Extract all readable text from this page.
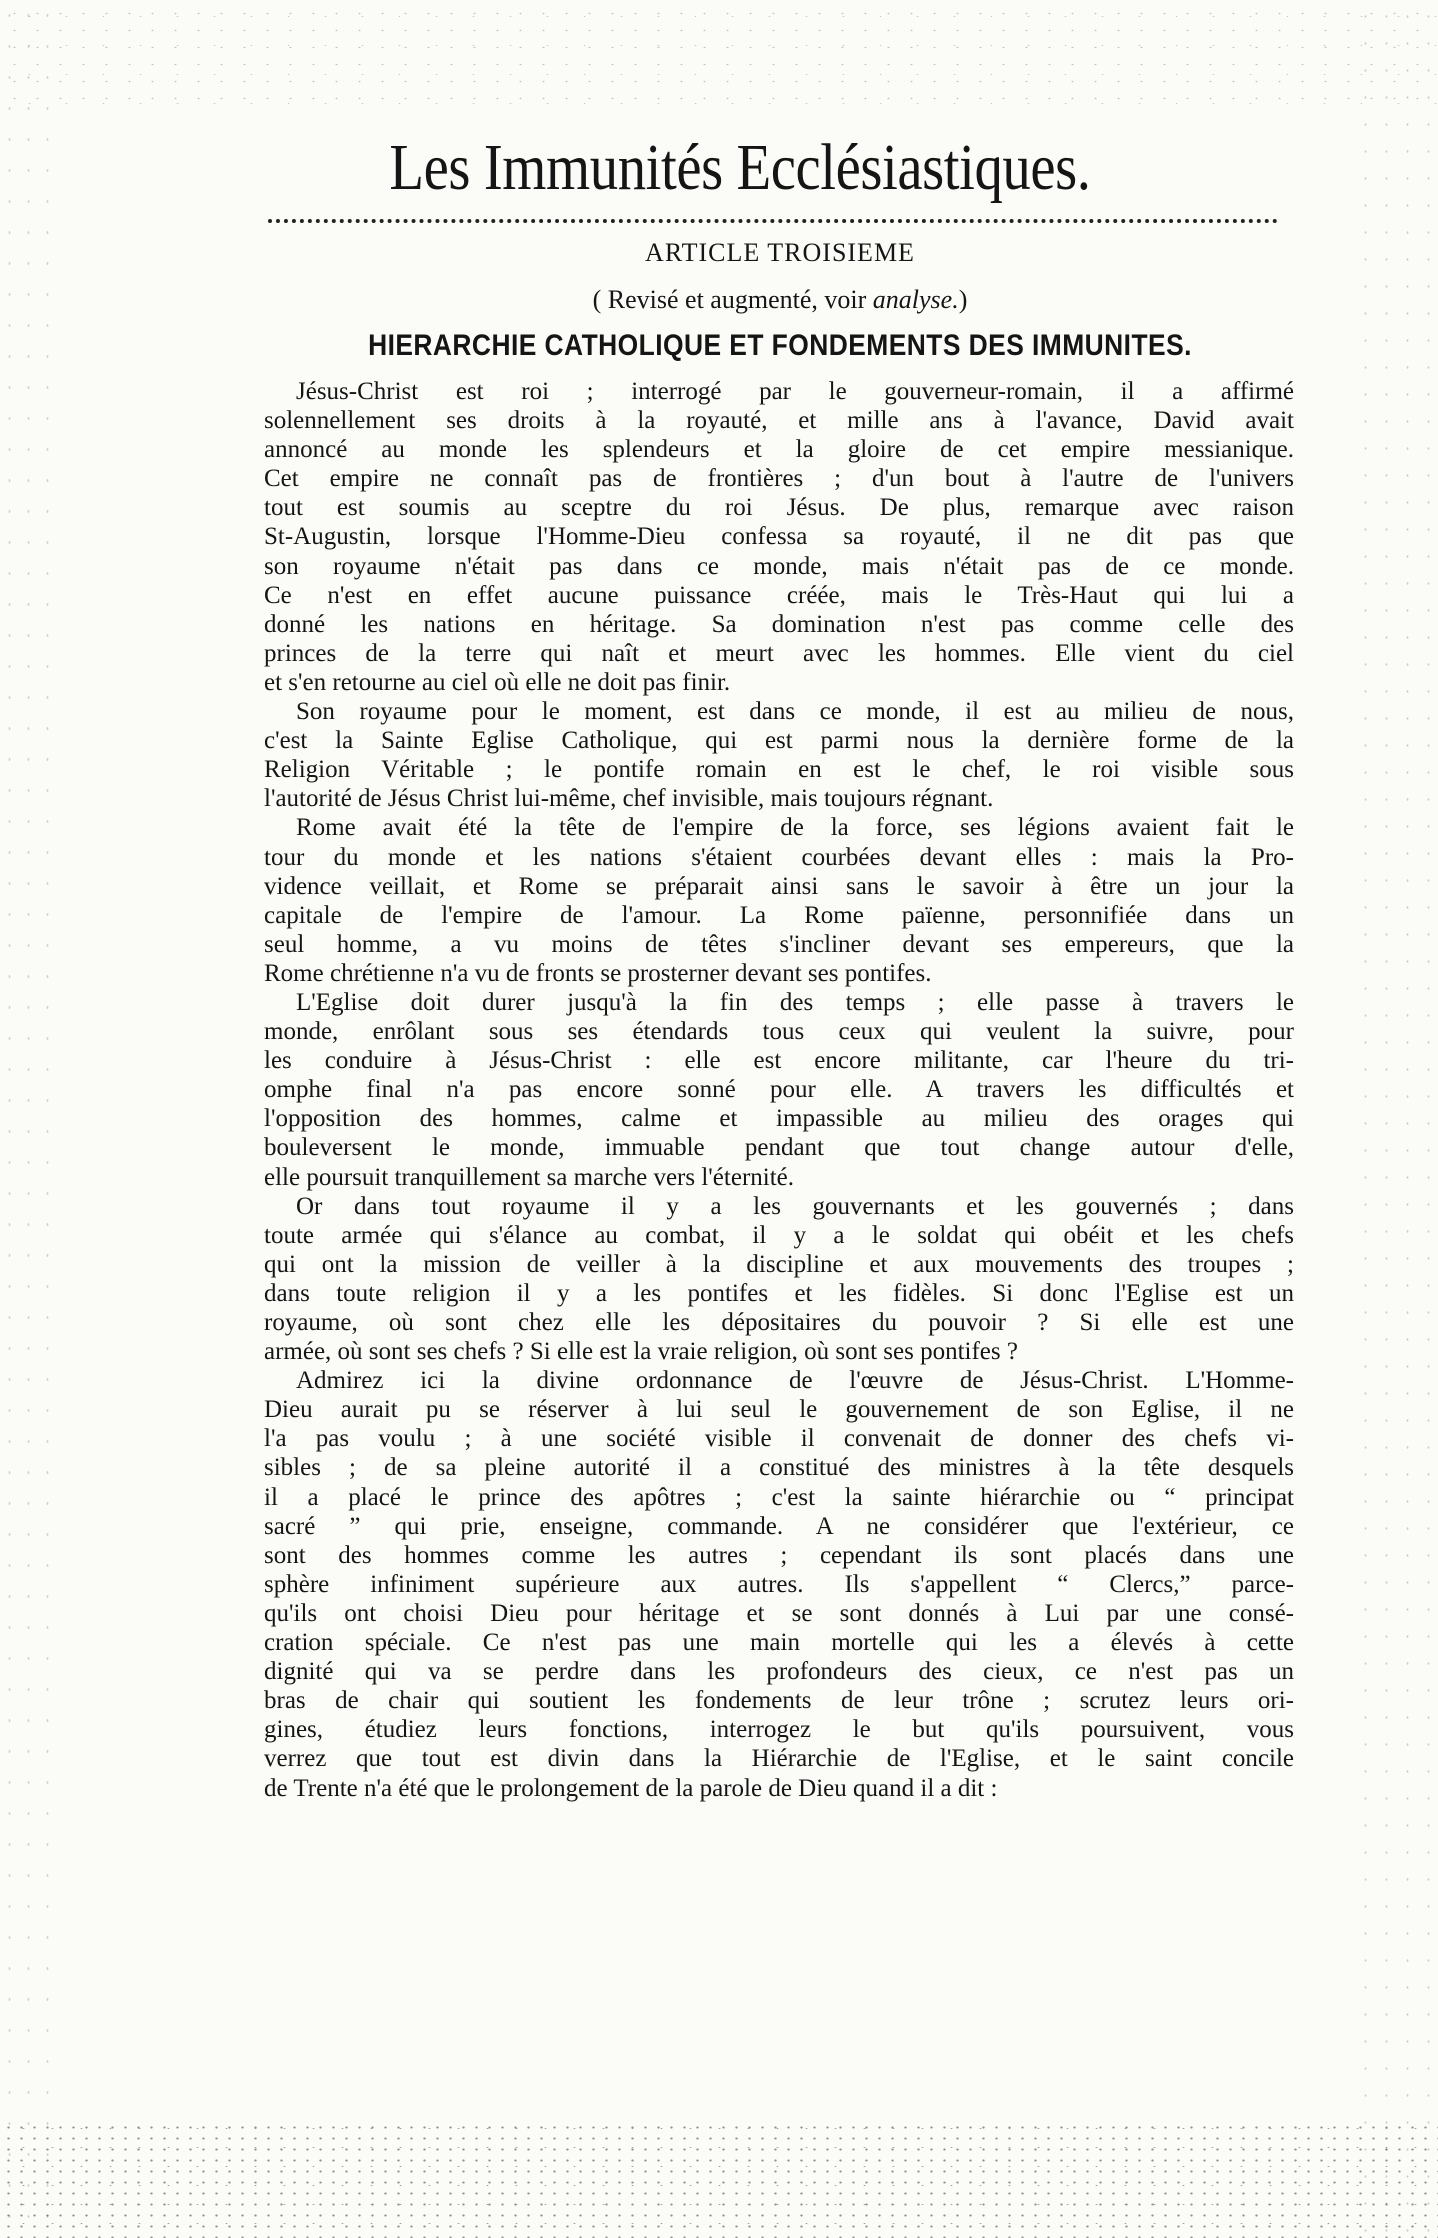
Les Immunités Ecclésiastiques.
ARTICLE TROISIEME
( Revisé et augmenté, voir analyse.)
HIERARCHIE CATHOLIQUE ET FONDEMENTS DES IMMUNITES.
Jésus-Christ est roi ; interrogé par le gouverneur-romain, il a affirmé
solennellement ses droits à la royauté, et mille ans à l'avance, David avait
annoncé au monde les splendeurs et la gloire de cet empire messianique.
Cet empire ne connaît pas de frontières ; d'un bout à l'autre de l'univers
tout est soumis au sceptre du roi Jésus. De plus, remarque avec raison
St-Augustin, lorsque l'Homme-Dieu confessa sa royauté, il ne dit pas que
son royaume n'était pas dans ce monde, mais n'était pas de ce monde.
Ce n'est en effet aucune puissance créée, mais le Très-Haut qui lui a
donné les nations en héritage. Sa domination n'est pas comme celle des
princes de la terre qui naît et meurt avec les hommes. Elle vient du ciel
et s'en retourne au ciel où elle ne doit pas finir.
Son royaume pour le moment, est dans ce monde, il est au milieu de nous,
c'est la Sainte Eglise Catholique, qui est parmi nous la dernière forme de la
Religion Véritable ; le pontife romain en est le chef, le roi visible sous
l'autorité de Jésus Christ lui-même, chef invisible, mais toujours régnant.
Rome avait été la tête de l'empire de la force, ses légions avaient fait le
tour du monde et les nations s'étaient courbées devant elles : mais la Pro-
vidence veillait, et Rome se préparait ainsi sans le savoir à être un jour la
capitale de l'empire de l'amour. La Rome païenne, personnifiée dans un
seul homme, a vu moins de têtes s'incliner devant ses empereurs, que la
Rome chrétienne n'a vu de fronts se prosterner devant ses pontifes.
L'Eglise doit durer jusqu'à la fin des temps ; elle passe à travers le
monde, enrôlant sous ses étendards tous ceux qui veulent la suivre, pour
les conduire à Jésus-Christ : elle est encore militante, car l'heure du tri-
omphe final n'a pas encore sonné pour elle. A travers les difficultés et
l'opposition des hommes, calme et impassible au milieu des orages qui
bouleversent le monde, immuable pendant que tout change autour d'elle,
elle poursuit tranquillement sa marche vers l'éternité.
Or dans tout royaume il y a les gouvernants et les gouvernés ; dans
toute armée qui s'élance au combat, il y a le soldat qui obéit et les chefs
qui ont la mission de veiller à la discipline et aux mouvements des troupes ;
dans toute religion il y a les pontifes et les fidèles. Si donc l'Eglise est un
royaume, où sont chez elle les dépositaires du pouvoir ? Si elle est une
armée, où sont ses chefs ? Si elle est la vraie religion, où sont ses pontifes ?
Admirez ici la divine ordonnance de l'œuvre de Jésus-Christ. L'Homme-
Dieu aurait pu se réserver à lui seul le gouvernement de son Eglise, il ne
l'a pas voulu ; à une société visible il convenait de donner des chefs vi-
sibles ; de sa pleine autorité il a constitué des ministres à la tête desquels
il a placé le prince des apôtres ; c'est la sainte hiérarchie ou “ principat
sacré ” qui prie, enseigne, commande. A ne considérer que l'extérieur, ce
sont des hommes comme les autres ; cependant ils sont placés dans une
sphère infiniment supérieure aux autres. Ils s'appellent “ Clercs,” parce-
qu'ils ont choisi Dieu pour héritage et se sont donnés à Lui par une consé-
cration spéciale. Ce n'est pas une main mortelle qui les a élevés à cette
dignité qui va se perdre dans les profondeurs des cieux, ce n'est pas un
bras de chair qui soutient les fondements de leur trône ; scrutez leurs ori-
gines, étudiez leurs fonctions, interrogez le but qu'ils poursuivent, vous
verrez que tout est divin dans la Hiérarchie de l'Eglise, et le saint concile
de Trente n'a été que le prolongement de la parole de Dieu quand il a dit :
